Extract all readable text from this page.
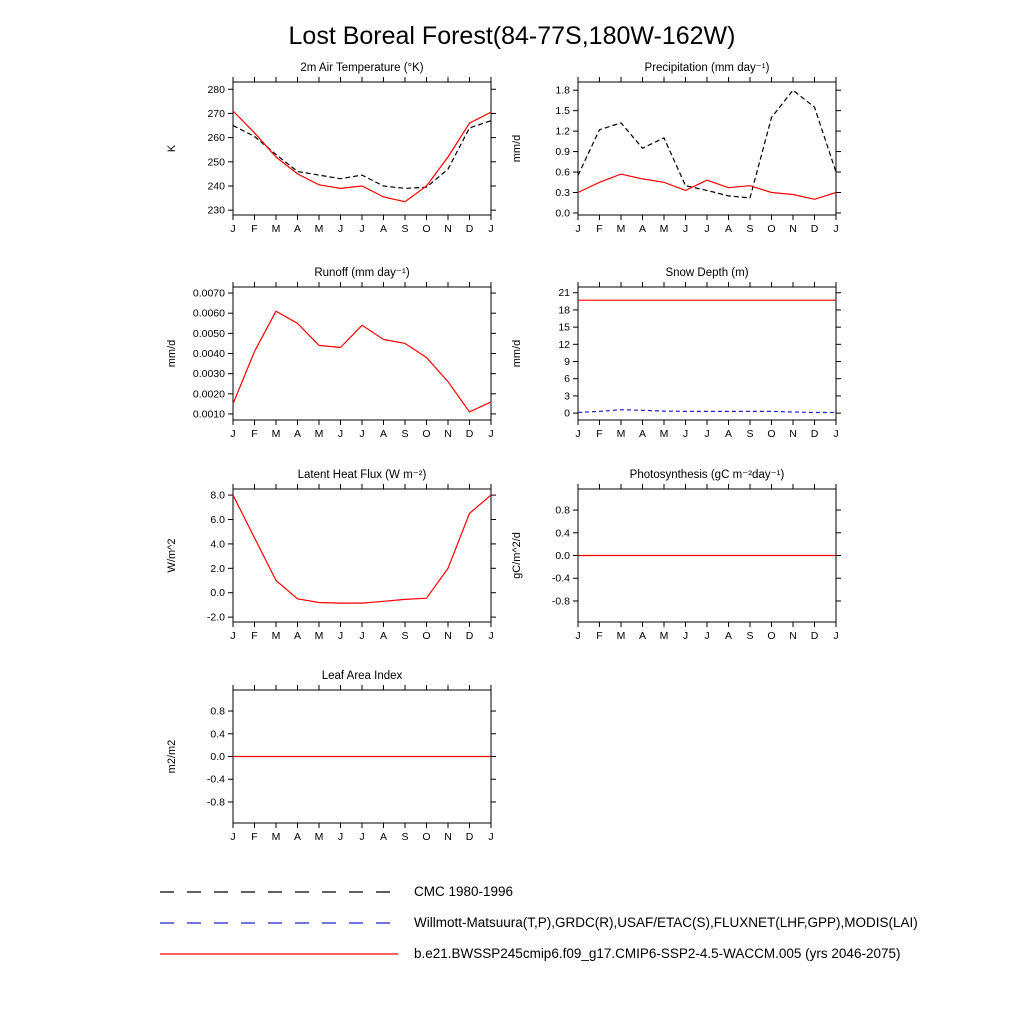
Lost Boreal Forest(84-77S,180W-162W)
2m Air Temperature (°K)
K
230
240
250
260
270
280
J F M A M J J A S O N D J
Precipitation (mm day⁻¹)
mm/d
0.0
0.3
0.6
0.9
1.2
1.5
1.8
J F M A M J J A S O N D J
Runoff (mm day⁻¹)
mm/d
0.0010
0.0020
0.0030
0.0040
0.0050
0.0060
0.0070
J F M A M J J A S O N D J
Snow Depth (m)
mm/d
0
3
6
9
12
15
18
21
J F M A M J J A S O N D J
Latent Heat Flux (W m⁻²)
W/m^2
-2.0
0.0
2.0
4.0
6.0
8.0
J F M A M J J A S O N D J
Photosynthesis (gC m⁻²day⁻¹)
gC/m^2/d
-0.8
-0.4
0.0
0.4
0.8
J F M A M J J A S O N D J
Leaf Area Index
m2/m2
-0.8
-0.4
0.0
0.4
0.8
J F M A M J J A S O N D J
CMC 1980-1996
Willmott-Matsuura(T,P),GRDC(R),USAF/ETAC(S),FLUXNET(LHF,GPP),MODIS(LAI)
b.e21.BWSSP245cmip6.f09_g17.CMIP6-SSP2-4.5-WACCM.005 (yrs 2046-2075)
